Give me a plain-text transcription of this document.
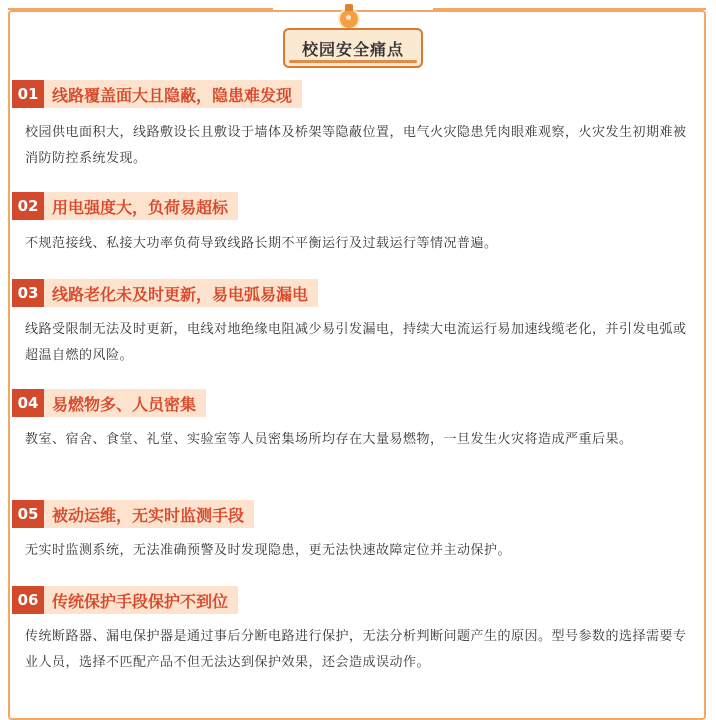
校园安全痛点
01 线路覆盖面大且隐蔽，隐患难发现

校园供电面积大，线路敷设长且敷设于墙体及桥架等隐蔽位置，电气火灾隐患凭肉眼难观察，火灾发生初期难被消防防控系统发现。

02 用电强度大，负荷易超标

不规范接线、私接大功率负荷导致线路长期不平衡运行及过载运行等情况普遍。

03 线路老化未及时更新，易电弧易漏电

线路受限制无法及时更新，电线对地绝缘电阻减少易引发漏电，持续大电流运行易加速线缆老化，并引发电弧或超温自燃的风险。

04 易燃物多、人员密集

教室、宿舍、食堂、礼堂、实验室等人员密集场所均存在大量易燃物，一旦发生火灾将造成严重后果。

05 被动运维，无实时监测手段

无实时监测系统，无法准确预警及时发现隐患，更无法快速故障定位并主动保护。

06 传统保护手段保护不到位

传统断路器、漏电保护器是通过事后分断电路进行保护，无法分析判断问题产生的原因。型号参数的选择需要专业人员，选择不匹配产品不但无法达到保护效果，还会造成误动作。
